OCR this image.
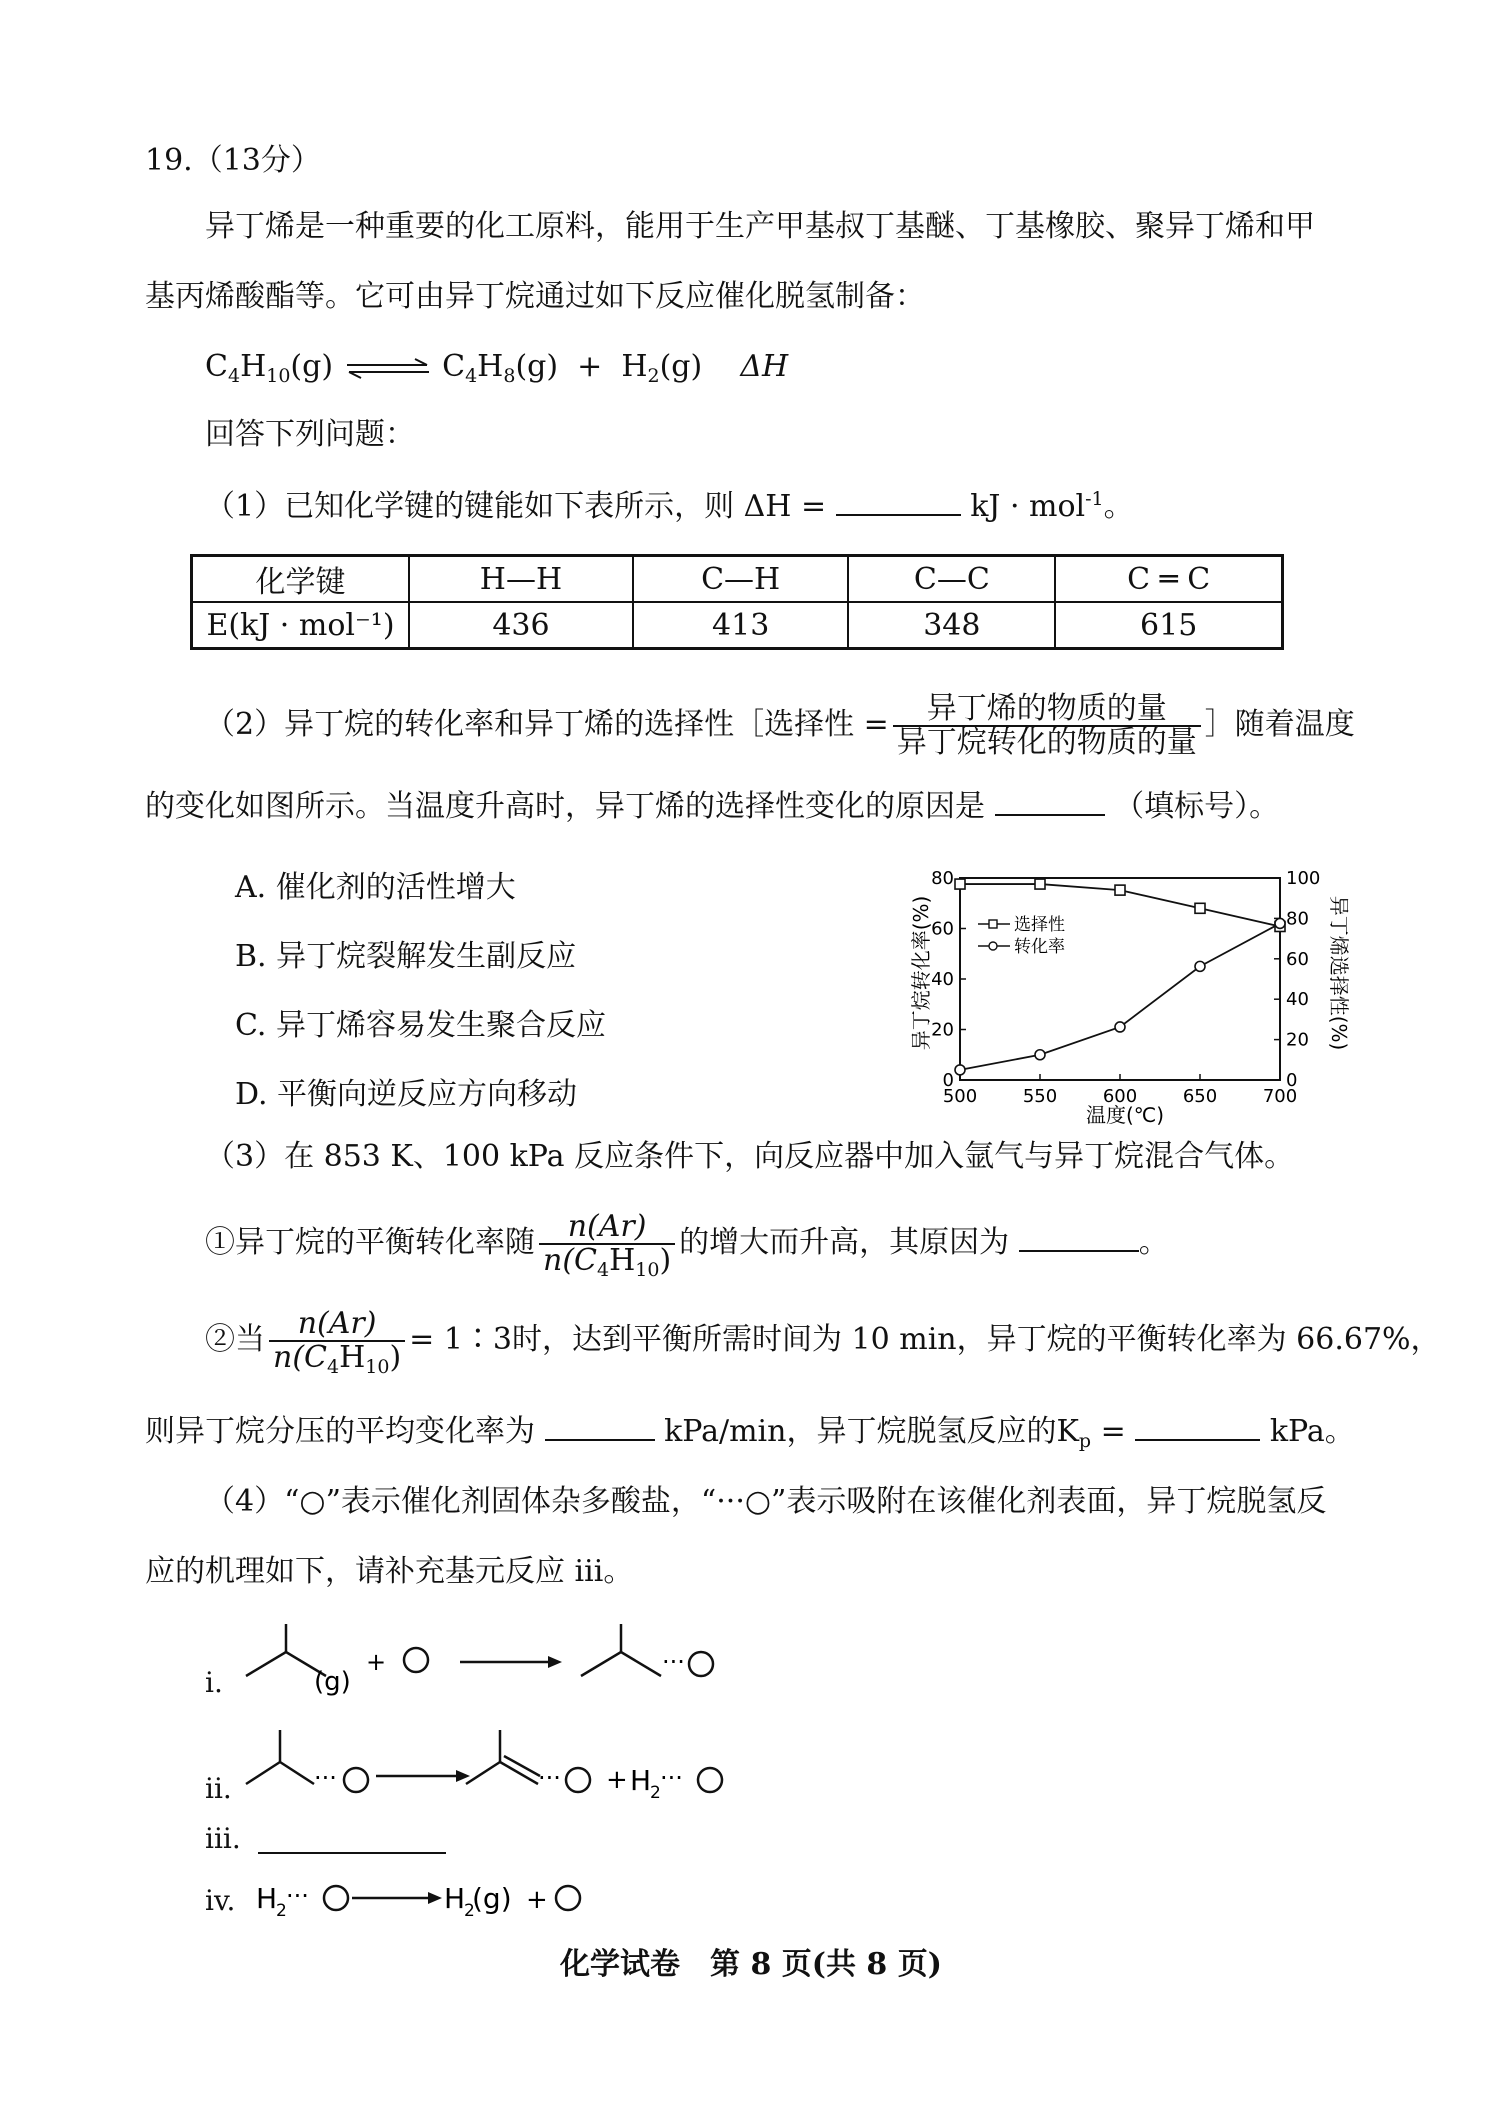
19.（13分）
异丁烯是一种重要的化工原料，能用于生产甲基叔丁基醚、丁基橡胶、聚异丁烯和甲
基丙烯酸酯等。它可由异丁烷通过如下反应催化脱氢制备：
$C_4H_{10}(g)$ ⇌ $C_4H_8(g) + H_2(g)$    ΔH
回答下列问题：
（1）已知化学键的键能如下表所示，则 ΔH =	kJ · mol$^{-1}$。
化学键	H—H	C—H	C—C	C ═ C
E(kJ · mol⁻¹)	436	413	348	615
（2）异丁烷的转化率和异丁烯的选择性［选择性 = $\frac{\text{异丁烯的物质的量}}{\text{异丁烷转化的物质的量}}$ ］随着温度
的变化如图所示。当温度升高时，异丁烯的选择性变化的原因是	（填标号）。
A. 催化剂的活性增大
B. 异丁烷裂解发生副反应
C. 异丁烯容易发生聚合反应
D. 平衡向逆反应方向移动	500	550	600	650	700
0
20
40
60
80
0
20
40
60
80
100
选择性
转化率
温度(℃)
异丁烷转化率(%)	异丁烯选择性(%)
（3）在 853 K、100 kPa 反应条件下，向反应器中加入氩气与异丁烷混合气体。
①异丁烷的平衡转化率随 $\frac{n(Ar)}{n(C_4H_{10})}$ 的增大而升高，其原因为	。
②当 $\frac{n(Ar)}{n(C_4H_{10})}$ = 1∶3时，达到平衡所需时间为 10 min，异丁烷的平衡转化率为 66.67%，
则异丁烷分压的平均变化率为	kPa/min，异丁烷脱氢反应的$K_p$ =	kPa。
（4）“○”表示催化剂固体杂多酸盐，“···○”表示吸附在该催化剂表面，异丁烷脱氢反
应的机理如下，请补充基元反应 iii。
i.	(g)
+	···
ii.	···	··· + H
2
···
iii.
iv. H
2
···	H
2
(g) +
化学试卷　第 8 页(共 8 页)
